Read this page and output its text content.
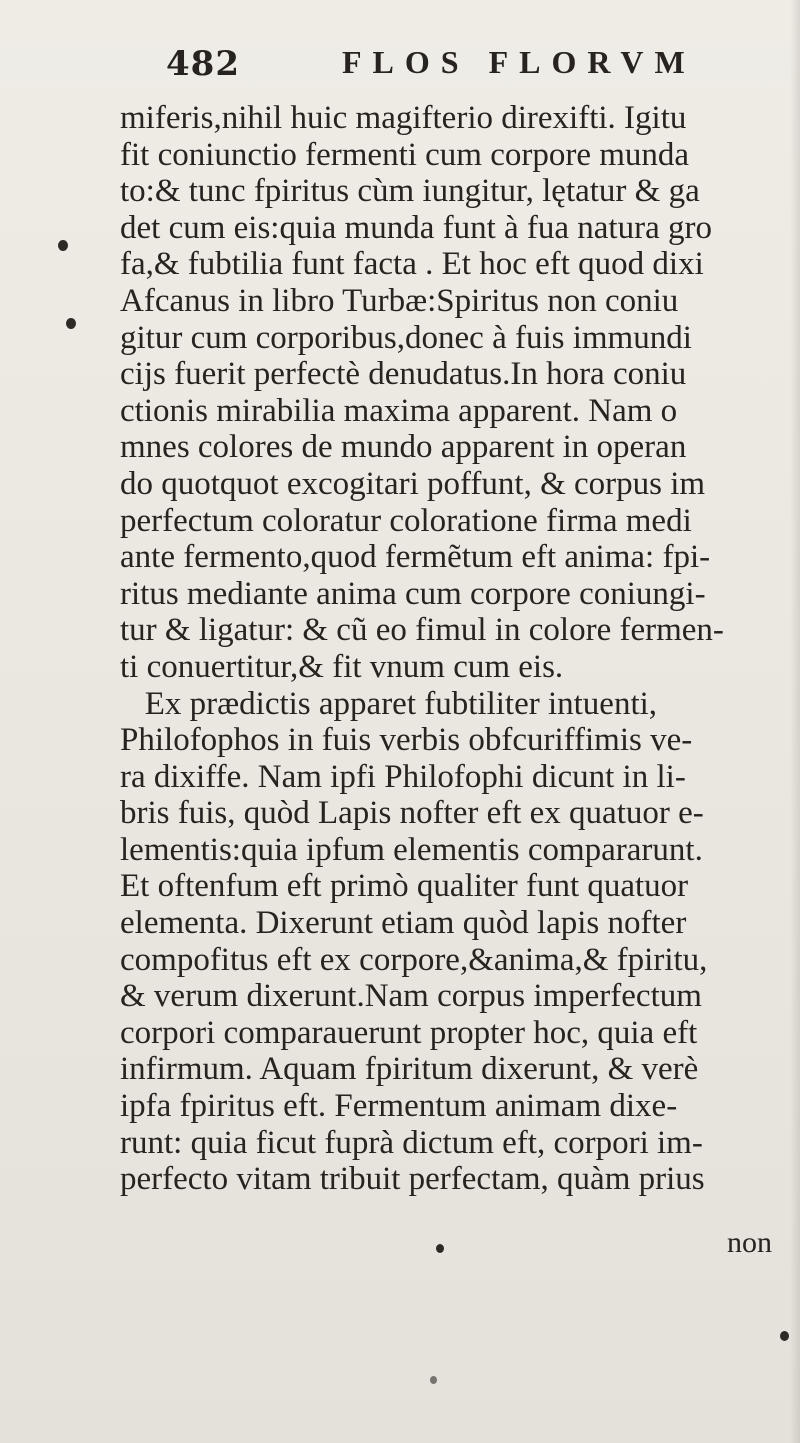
482	FLOS FLORVM
miferis,nihil huic magifterio direxifti. Igitu
fit coniunctio fermenti cum corpore munda
to:& tunc fpiritus cùm iungitur, lętatur & ga
det cum eis:quia munda funt à fua natura gro
fa,& fubtilia funt facta . Et hoc eft quod dixi
Afcanus in libro Turbæ:Spiritus non coniu
gitur cum corporibus,donec à fuis immundi
cijs fuerit perfectè denudatus.In hora coniu
ctionis mirabilia maxima apparent. Nam o
mnes colores de mundo apparent in operan
do quotquot excogitari poffunt, & corpus im
perfectum coloratur coloratione firma medi
ante fermento,quod fermẽtum eft anima: fpi-
ritus mediante anima cum corpore coniungi-
tur & ligatur: & cũ eo fimul in colore fermen-
ti conuertitur,& fit vnum cum eis.
Ex prædictis apparet fubtiliter intuenti,
Philofophos in fuis verbis obfcuriffimis ve-
ra dixiffe. Nam ipfi Philofophi dicunt in li-
bris fuis, quòd Lapis nofter eft ex quatuor e-
lementis:quia ipfum elementis compararunt.
Et oftenfum eft primò qualiter funt quatuor
elementa. Dixerunt etiam quòd lapis nofter
compofitus eft ex corpore,&anima,& fpiritu,
& verum dixerunt.Nam corpus imperfectum
corpori comparauerunt propter hoc, quia eft
infirmum. Aquam fpiritum dixerunt, & verè
ipfa fpiritus eft. Fermentum animam dixe-
runt: quia ficut fuprà dictum eft, corpori im-
perfecto vitam tribuit perfectam, quàm prius
non
